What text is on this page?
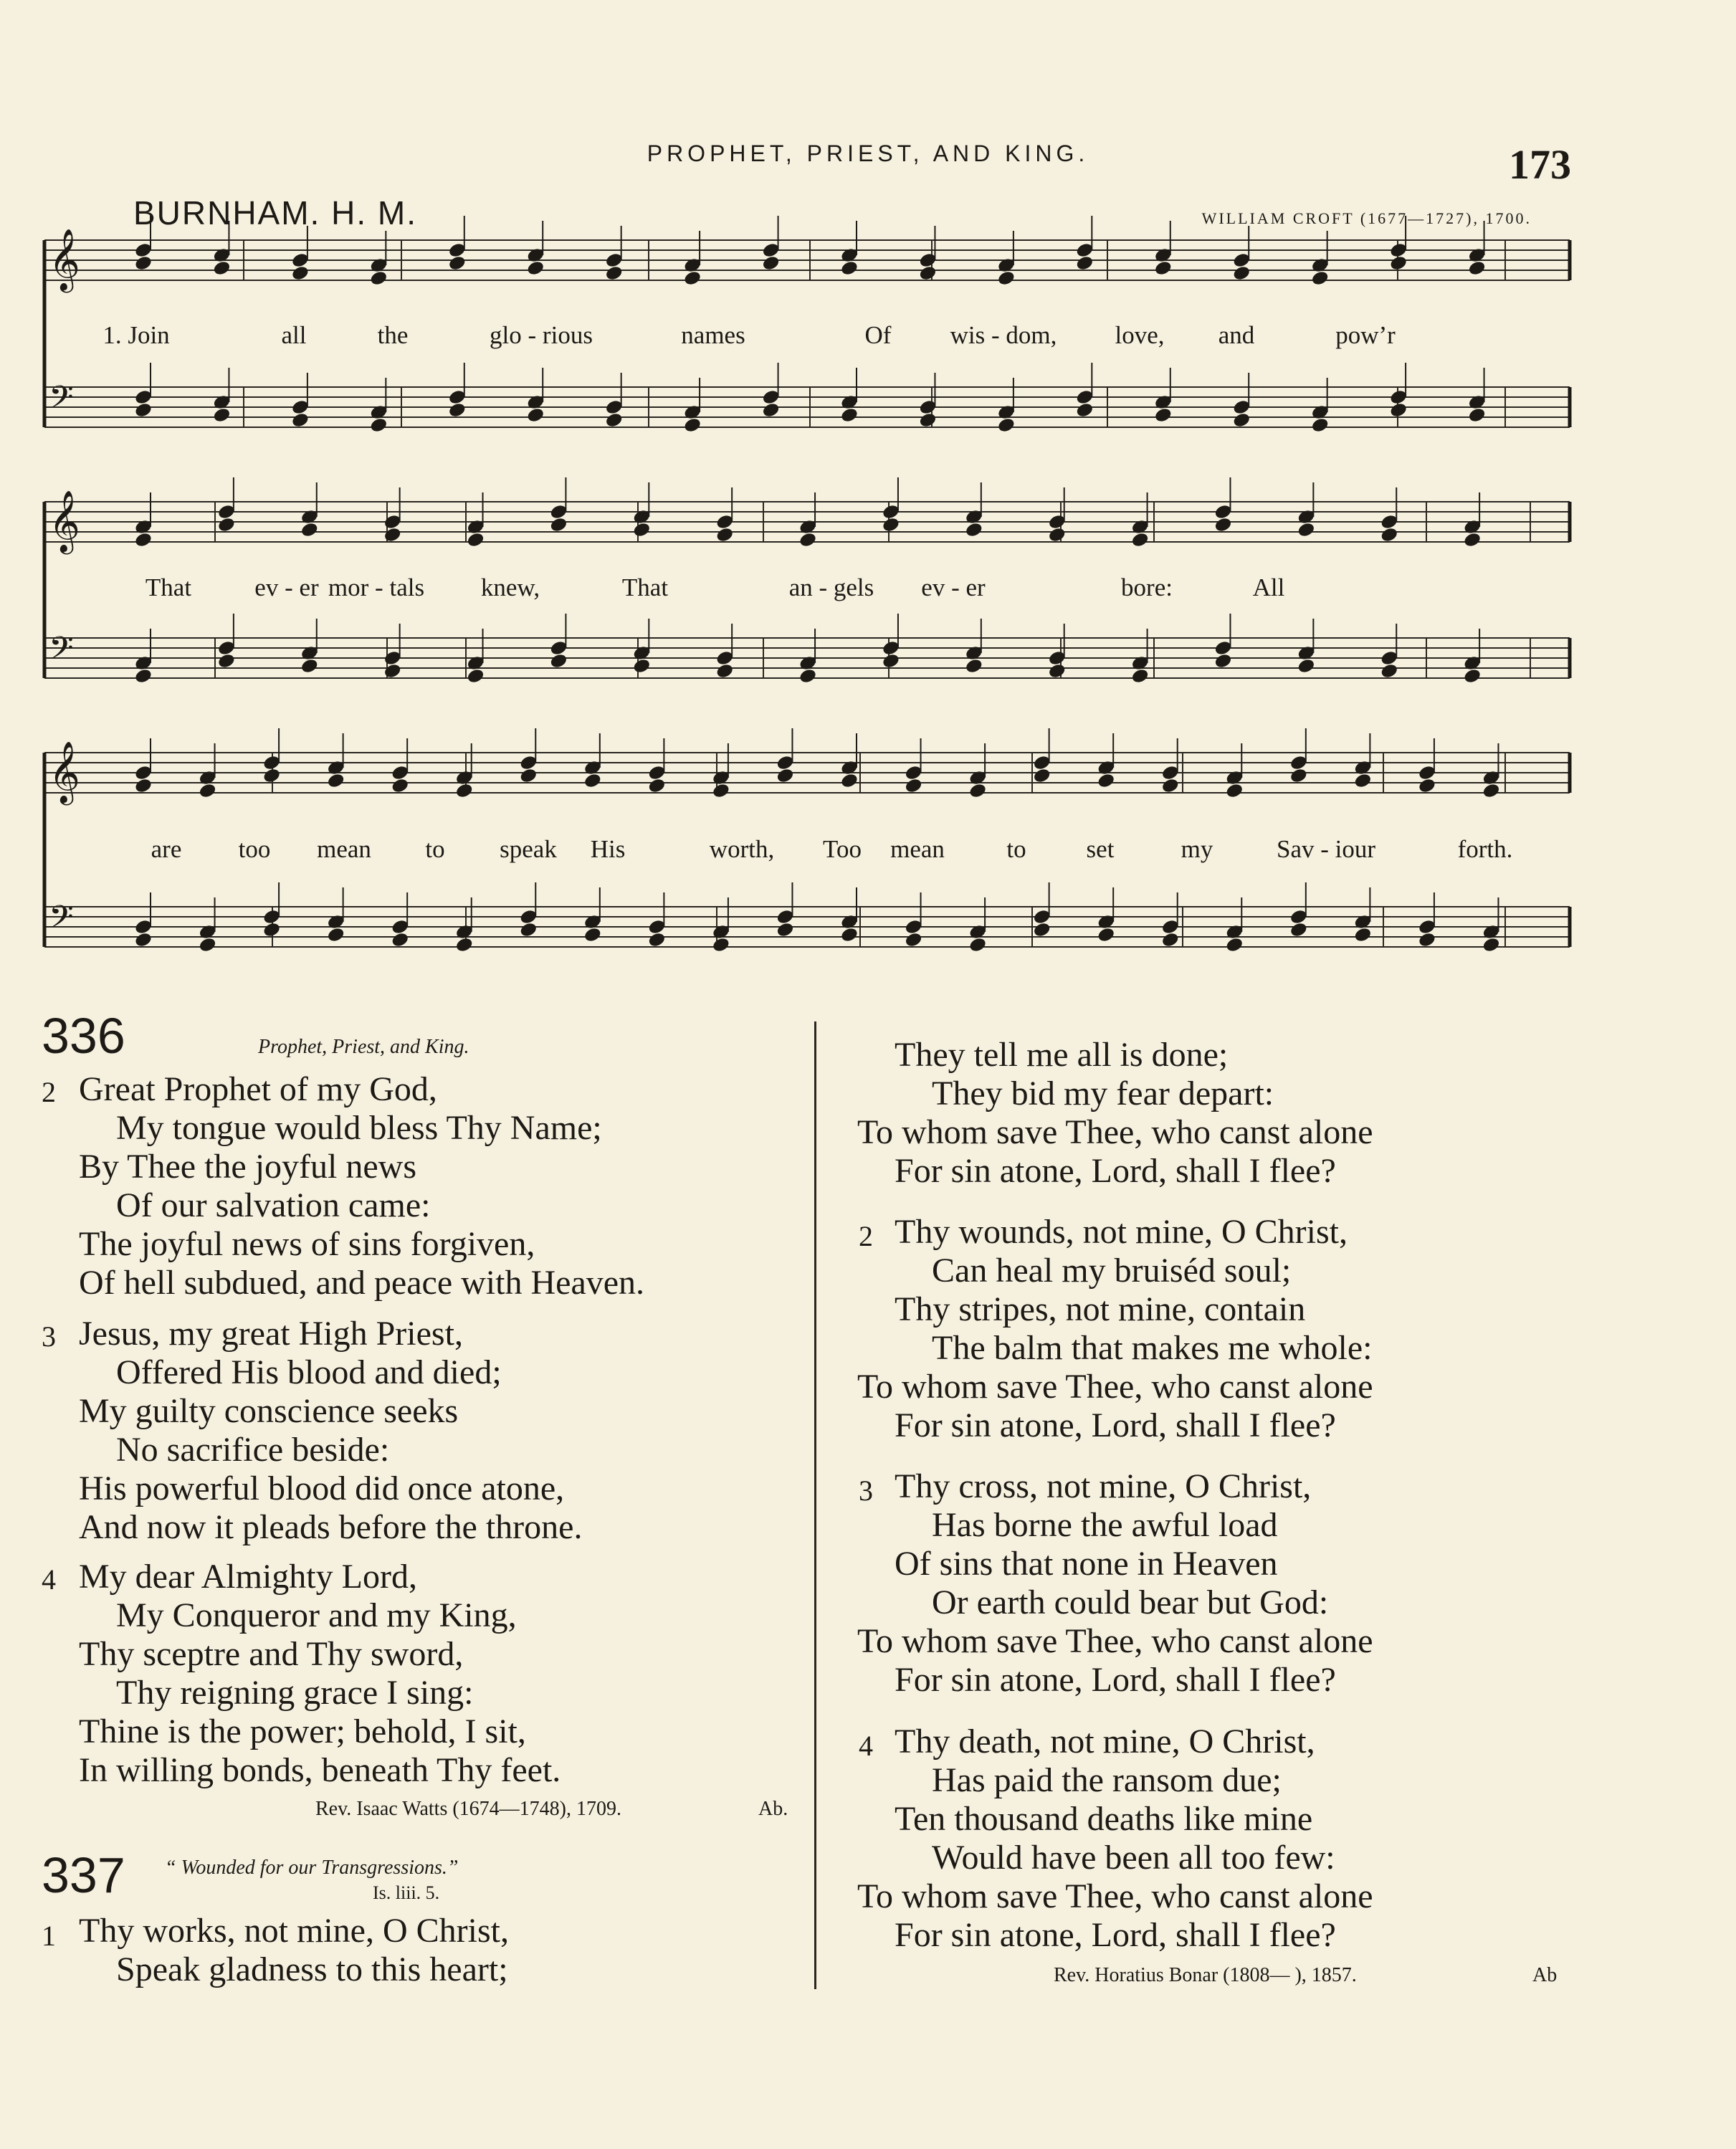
PROPHET, PRIEST, AND KING.	173
BURNHAM. H. M.	WILLIAM CROFT (1677—1727), 1700.
𝄞
𝄢
𝄞
𝄢
𝄞
𝄢
1. Join	all	the	glo - rious	names	Of wis - dom, love, and	pow’r
That	ev - er mor - tals knew,	That	an - gels ev - er	bore:	All
are too mean to speak His	worth, Too mean to set	my	Sav - iour	forth.
336	Prophet, Priest, and King.
2 Great Prophet of my God,
My tongue would bless Thy Name;
By Thee the joyful news
Of our salvation came:
The joyful news of sins forgiven,
Of hell subdued, and peace with Heaven.
3 Jesus, my great High Priest,
Offered His blood and died;
My guilty conscience seeks
No sacrifice beside:
His powerful blood did once atone,
And now it pleads before the throne.
4 My dear Almighty Lord,
My Conqueror and my King,
Thy sceptre and Thy sword,
Thy reigning grace I sing:
Thine is the power; behold, I sit,
In willing bonds, beneath Thy feet.
Rev. Isaac Watts (1674—1748), 1709.	Ab.
337 “ Wounded for our Transgressions.”
Is. liii. 5.
1 Thy works, not mine, O Christ,
Speak gladness to this heart;
They tell me all is done;
They bid my fear depart:
To whom save Thee, who canst alone
For sin atone, Lord, shall I flee?
2 Thy wounds, not mine, O Christ,
Can heal my bruiséd soul;
Thy stripes, not mine, contain
The balm that makes me whole:
To whom save Thee, who canst alone
For sin atone, Lord, shall I flee?
3 Thy cross, not mine, O Christ,
Has borne the awful load
Of sins that none in Heaven
Or earth could bear but God:
To whom save Thee, who canst alone
For sin atone, Lord, shall I flee?
4 Thy death, not mine, O Christ,
Has paid the ransom due;
Ten thousand deaths like mine
Would have been all too few:
To whom save Thee, who canst alone
For sin atone, Lord, shall I flee?
Rev. Horatius Bonar (1808— ), 1857.	Ab
